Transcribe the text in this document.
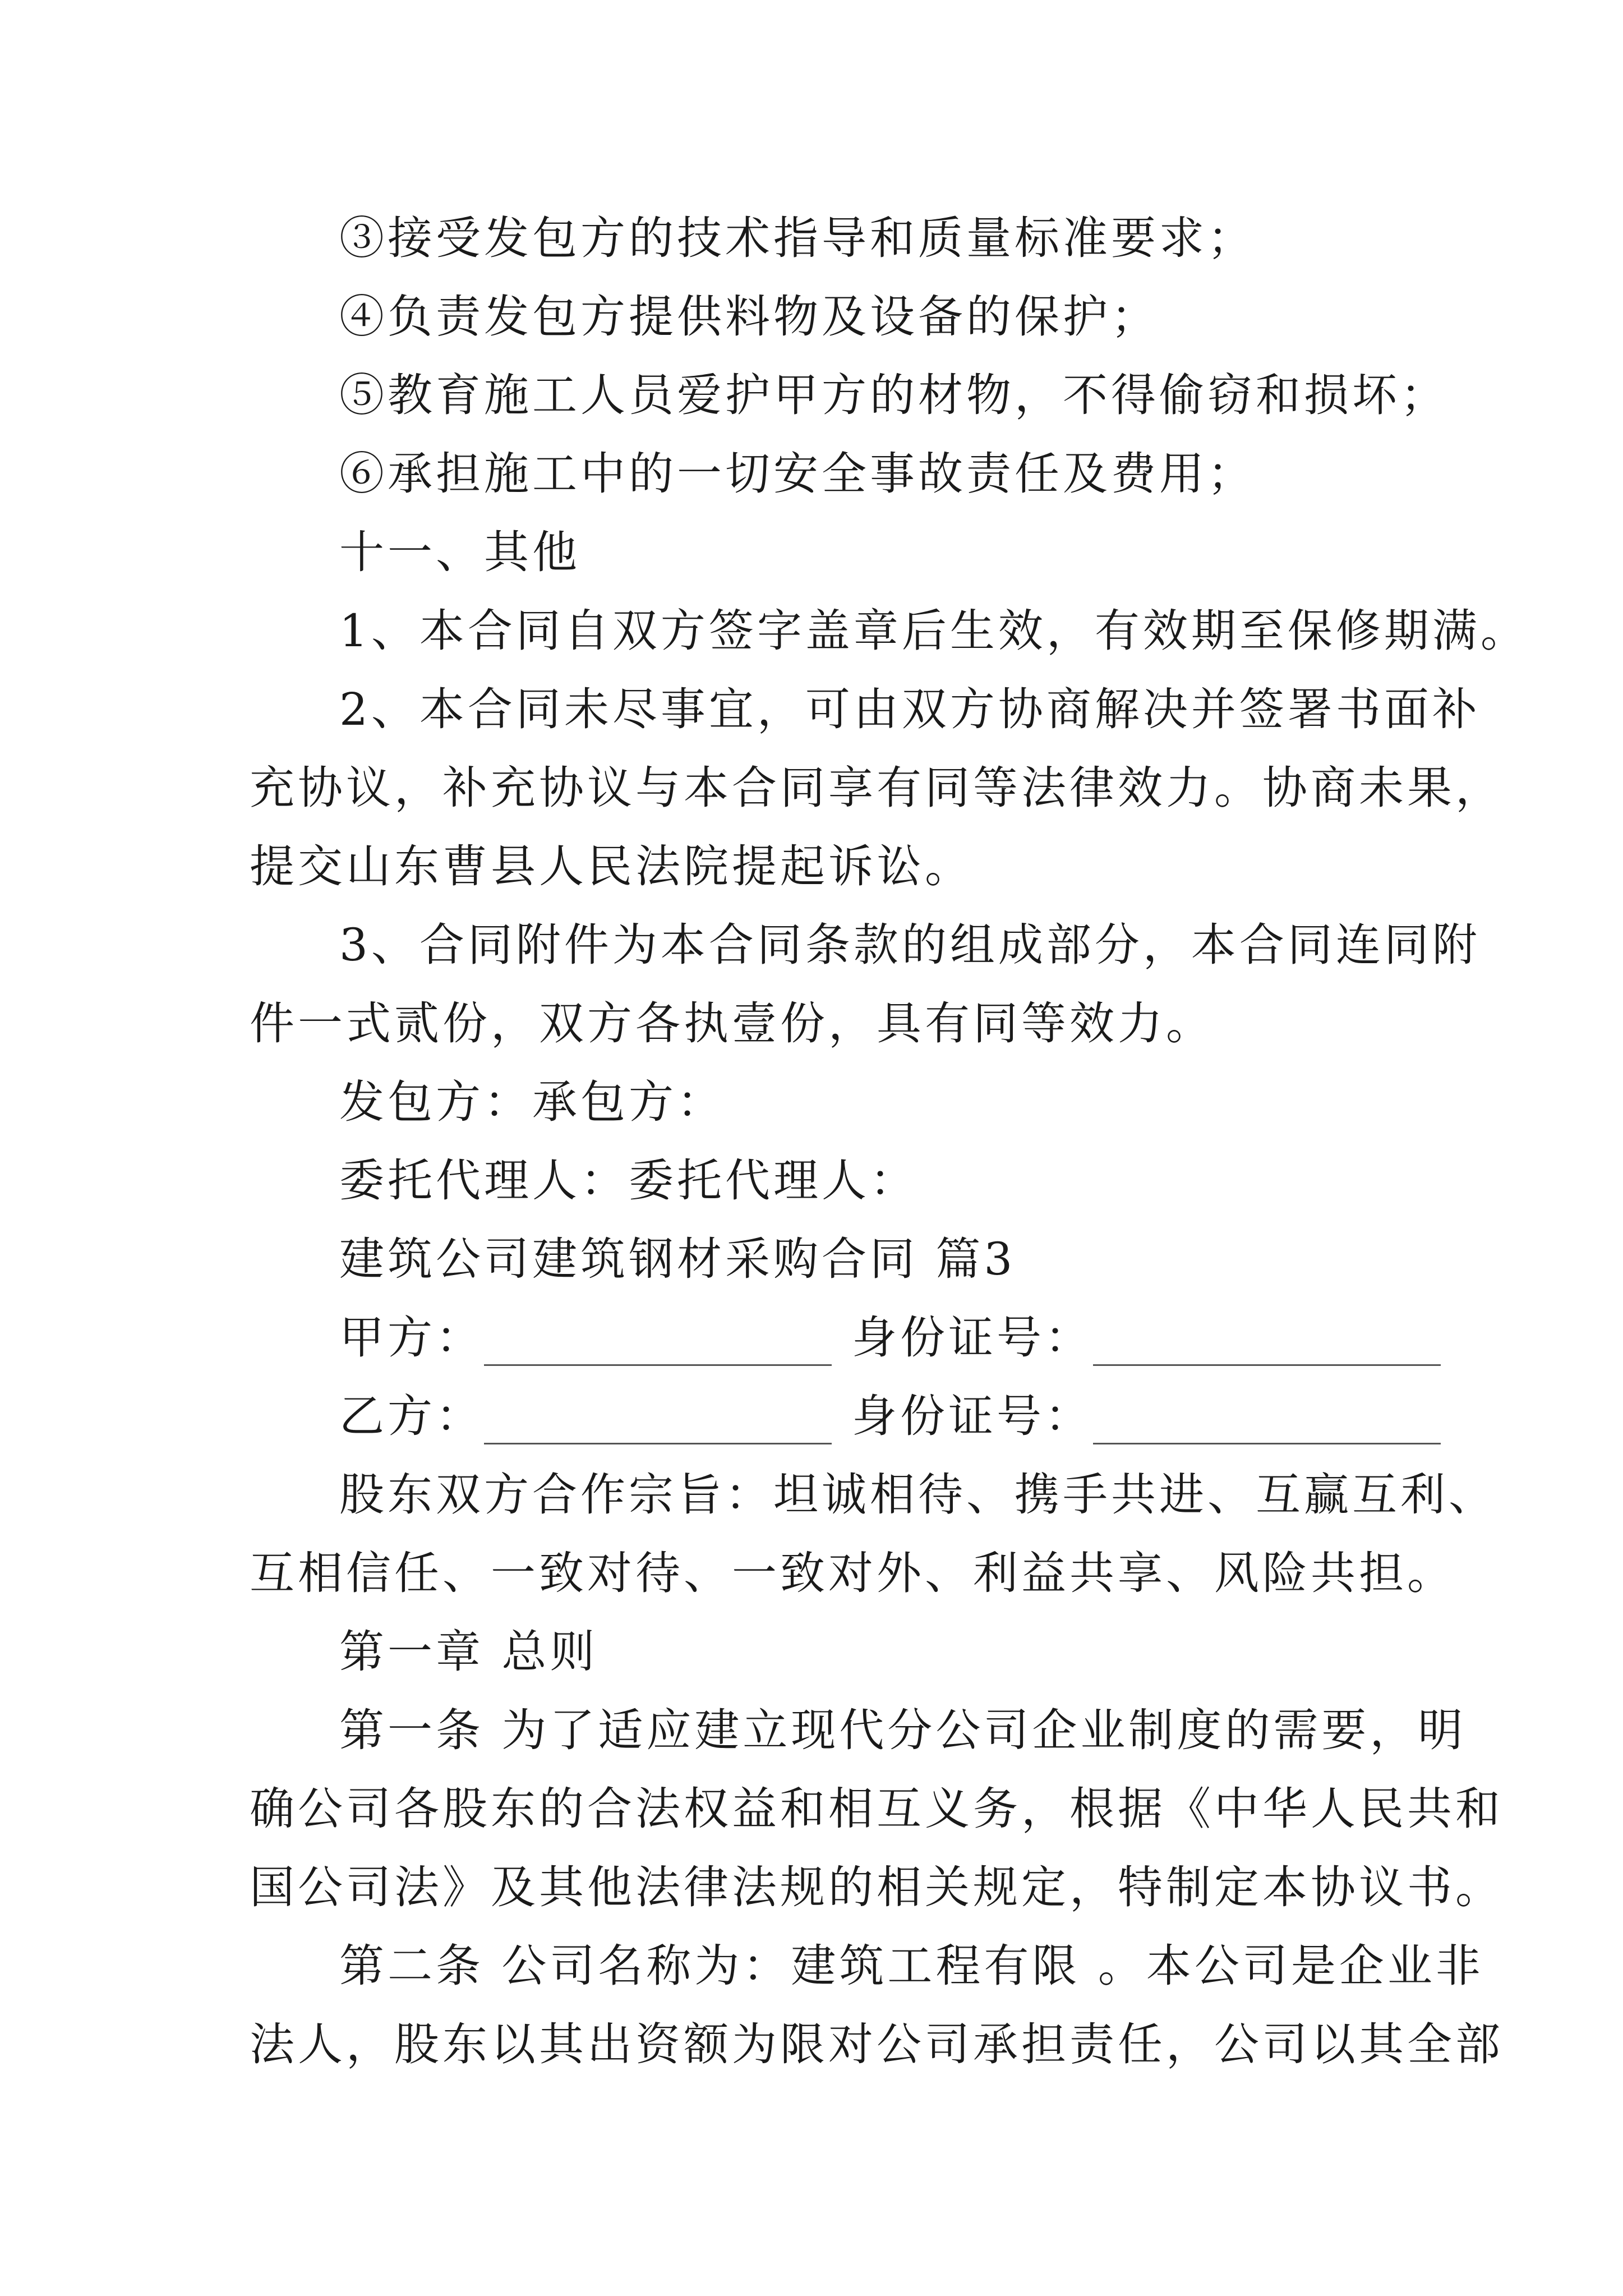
③接受发包方的技术指导和质量标准要求；
④负责发包方提供料物及设备的保护；
⑤教育施工人员爱护甲方的材物，不得偷窃和损坏；
⑥承担施工中的一切安全事故责任及费用；
十一、其他
1、本合同自双方签字盖章后生效，有效期至保修期满。
2、本合同未尽事宜，可由双方协商解决并签署书面补
充协议，补充协议与本合同享有同等法律效力。协商未果，
提交山东曹县人民法院提起诉讼。
3、合同附件为本合同条款的组成部分，本合同连同附
件一式贰份，双方各执壹份，具有同等效力。
发包方：承包方：
委托代理人：委托代理人：
建筑公司建筑钢材采购合同 篇3
甲方：	身份证号：
乙方：	身份证号：
股东双方合作宗旨：坦诚相待、携手共进、互赢互利、
互相信任、一致对待、一致对外、利益共享、风险共担。
第一章 总则
第一条 为了适应建立现代分公司企业制度的需要，明
确公司各股东的合法权益和相互义务，根据《中华人民共和
国公司法》及其他法律法规的相关规定，特制定本协议书。
第二条 公司名称为：建筑工程有限 。本公司是企业非
法人，股东以其出资额为限对公司承担责任，公司以其全部
